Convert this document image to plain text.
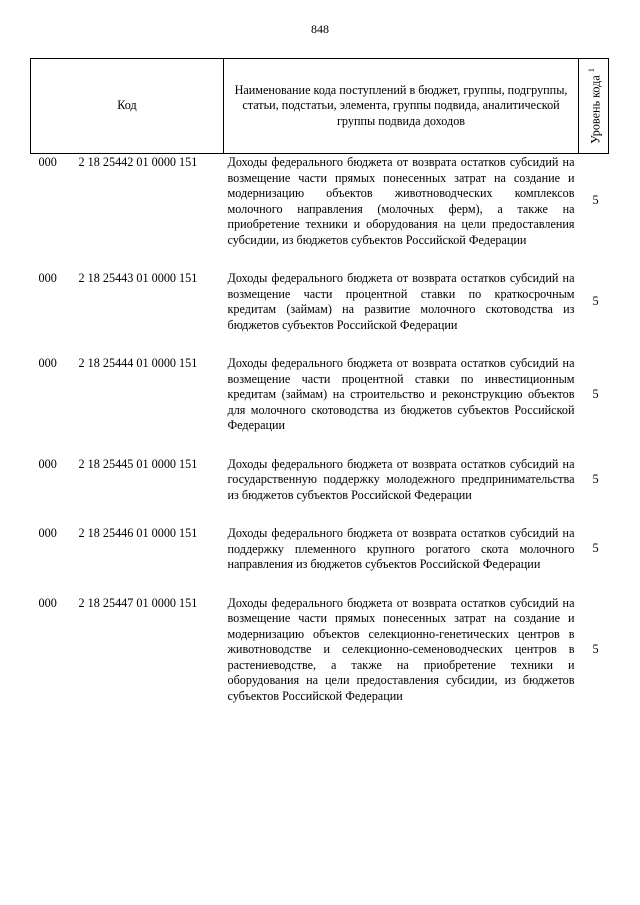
848
Код		Наименование кода поступлений в бюджет, группы, подгруппы, статьи, подстатьи, элемента, группы подвида, аналитической группы подвида доходов	Уровень кода $^1$

000	2 18 25442 01 0000 151	Доходы федерального бюджета от возврата остатков субсидий на возмещение части прямых понесенных затрат на создание и модернизацию объектов животноводческих комплексов молочного направления (молочных ферм), а также на приобретение техники и оборудования на цели предоставления субсидии, из бюджетов субъектов Российской Федерации	5

000	2 18 25443 01 0000 151	Доходы федерального бюджета от возврата остатков субсидий на возмещение части процентной ставки по краткосрочным кредитам (займам) на развитие молочного скотоводства из бюджетов субъектов Российской Федерации	5

000	2 18 25444 01 0000 151	Доходы федерального бюджета от возврата остатков субсидий на возмещение части процентной ставки по инвестиционным кредитам (займам) на строительство и реконструкцию объектов для молочного скотоводства из бюджетов субъектов Российской Федерации	5

000	2 18 25445 01 0000 151	Доходы федерального бюджета от возврата остатков субсидий на государственную поддержку молодежного предпринимательства из бюджетов субъектов Российской Федерации	5

000	2 18 25446 01 0000 151	Доходы федерального бюджета от возврата остатков субсидий на поддержку племенного крупного рогатого скота молочного направления из бюджетов субъектов Российской Федерации	5

000	2 18 25447 01 0000 151	Доходы федерального бюджета от возврата остатков субсидий на возмещение части прямых понесенных затрат на создание и модернизацию объектов селекционно-генетических центров в животноводстве и селекционно-семеноводческих центров в растениеводстве, а также на приобретение техники и оборудования на цели предоставления субсидии, из бюджетов субъектов Российской Федерации	5
